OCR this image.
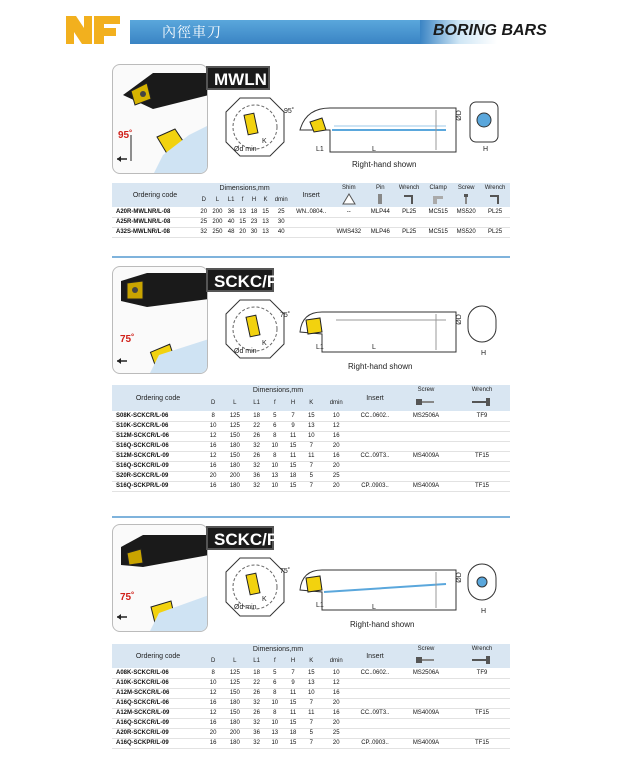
內徑車刀	BORING BARS
95˚
MWLN
Ød min
K
95˚
L1	L
ØD
Right-hand shown
H
Ordering code	Dimensions,mm							Insert	Shim	Pin	Wrench	Clamp	Screw	Wrench
	D	L	L1	f	H	K	dmin						
A20R-MWLNR/L-08	20	200	36	13	18	15	25	WN..0804..	--	MLP44	PL25	MC515	MS520	PL25
A25R-MWLNR/L-08	25	200	40	15	23	13	30							
A32S-MWLNR/L-08	32	250	48	20	30	13	40		WMS432	MLP46	PL25	MC515	MS520	PL25
75˚
SCKC/P
Ød min
K
75˚
L1	L
ØD
Right-hand shown
H
Ordering code	Dimensions,mm							Insert	Screw	Wrench
	D	L	L1	f	H	K	dmin		
S08K-SCKCR/L-06	8	125	18	5	7	15	10	CC..0602..	MS2506A	TF9
S10K-SCKCR/L-06	10	125	22	6	9	13	12			
S12M-SCKCR/L-06	12	150	26	8	11	10	16			
S16Q-SCKCR/L-06	16	180	32	10	15	7	20			
S12M-SCKCR/L-09	12	150	26	8	11	11	16	CC..09T3..	MS4009A	TF15
S16Q-SCKCR/L-09	16	180	32	10	15	7	20			
S20R-SCKCR/L-09	20	200	36	13	18	5	25			
S16Q-SCKPR/L-09	16	180	32	10	15	7	20	CP..0903..	MS4009A	TF15
75˚
SCKC/P
Ød min
K
75˚
L1	L
ØD
Right-hand shown
H
Ordering code	Dimensions,mm							Insert	Screw	Wrench
	D	L	L1	f	H	K	dmin		
A08K-SCKCR/L-06	8	125	18	5	7	15	10	CC..0602..	MS2506A	TF9
A10K-SCKCR/L-06	10	125	22	6	9	13	12			
A12M-SCKCR/L-06	12	150	26	8	11	10	16			
A16Q-SCKCR/L-06	16	180	32	10	15	7	20			
A12M-SCKCR/L-09	12	150	26	8	11	11	16	CC..09T3..	MS4009A	TF15
A16Q-SCKCR/L-09	16	180	32	10	15	7	20			
A20R-SCKCR/L-09	20	200	36	13	18	5	25			
A16Q-SCKPR/L-09	16	180	32	10	15	7	20	CP..0903..	MS4009A	TF15
